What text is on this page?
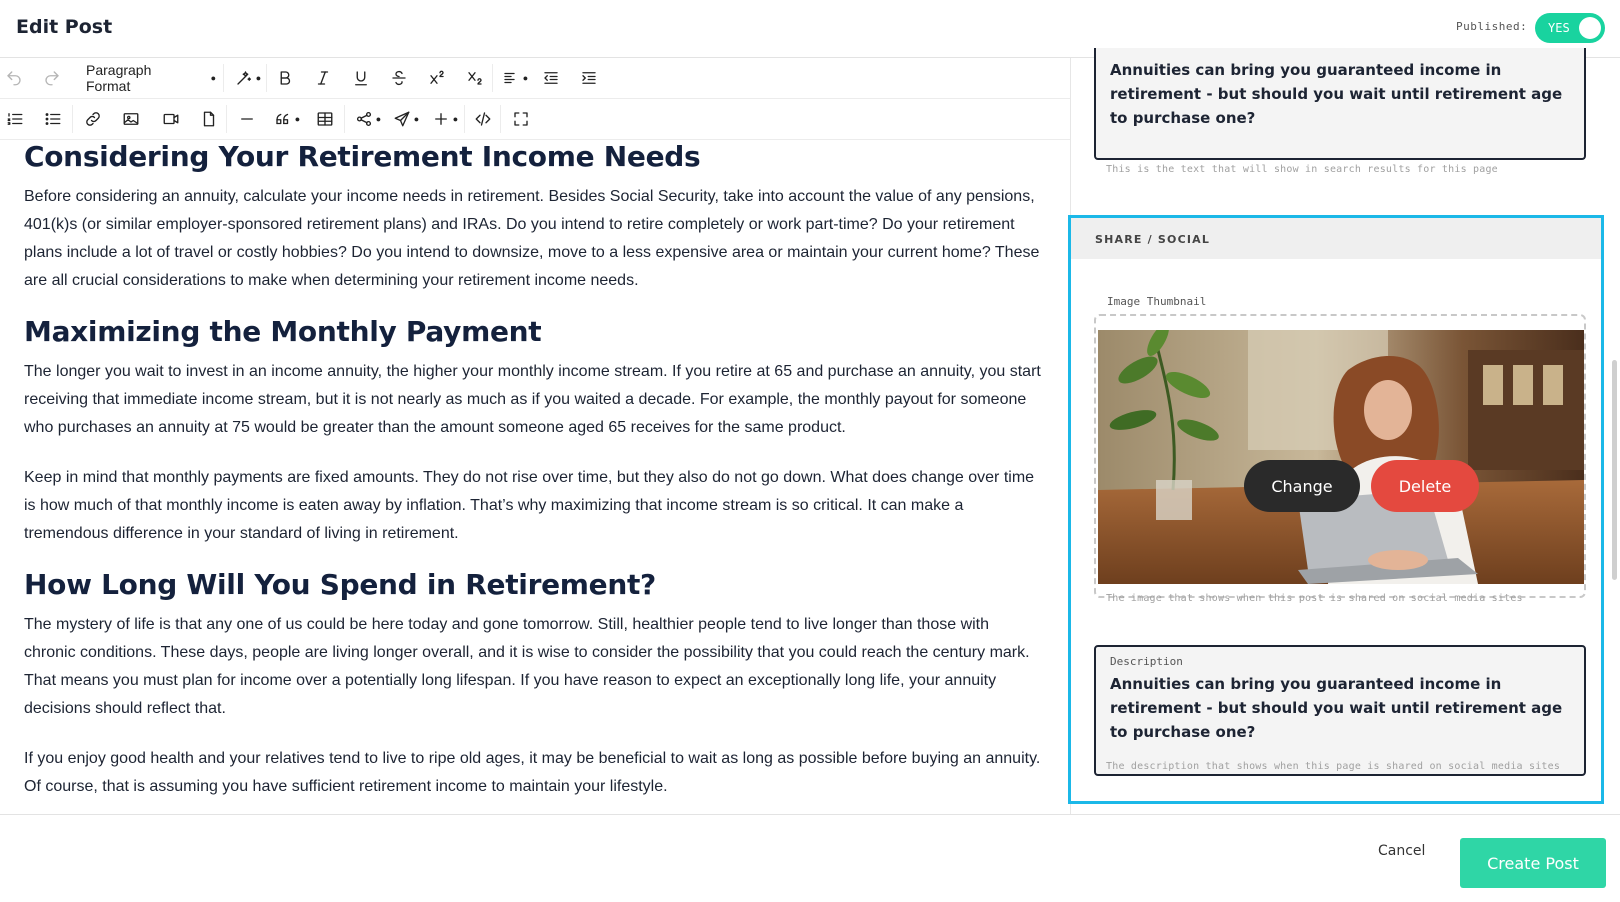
Edit Post	Published: YES
Paragraph Format	●	●	●
●	●	●	●
Considering Your Retirement Income Needs

Before considering an annuity, calculate your income needs in retirement. Besides Social Security, take into account the value of any pensions, 401(k)s (or similar employer-sponsored retirement plans) and IRAs. Do you intend to retire completely or work part-time? Do your retirement plans include a lot of travel or costly hobbies? Do you intend to downsize, move to a less expensive area or maintain your current home? These are all crucial considerations to make when determining your retirement income needs.

Maximizing the Monthly Payment

The longer you wait to invest in an income annuity, the higher your monthly income stream. If you retire at 65 and purchase an annuity, you start receiving that immediate income stream, but it is not nearly as much as if you waited a decade. For example, the monthly payout for someone who purchases an annuity at 75 would be greater than the amount someone aged 65 receives for the same product.

Keep in mind that monthly payments are fixed amounts. They do not rise over time, but they also do not go down. What does change over time is how much of that monthly income is eaten away by inflation. That’s why maximizing that income stream is so critical. It can make a tremendous difference in your standard of living in retirement.

How Long Will You Spend in Retirement?

The mystery of life is that any one of us could be here today and gone tomorrow. Still, healthier people tend to live longer than those with chronic conditions. These days, people are living longer overall, and it is wise to consider the possibility that you could reach the century mark. That means you must plan for income over a potentially long lifespan. If you have reason to expect an exceptionally long life, your annuity decisions should reflect that.

If you enjoy good health and your relatives tend to live to ripe old ages, it may be beneficial to wait as long as possible before buying an annuity. Of course, that is assuming you have sufficient retirement income to maintain your lifestyle.

Annuities can bring you guaranteed income in retirement - but should you wait until retirement age to purchase one?
This is the text that will show in search results for this page
SHARE / SOCIAL
Image Thumbnail
Change	Delete
The image that shows when this post is shared on social media sites
Description
Annuities can bring you guaranteed income in retirement - but should you wait until retirement age to purchase one?
The description that shows when this page is shared on social media sites
Cancel
Create Post
